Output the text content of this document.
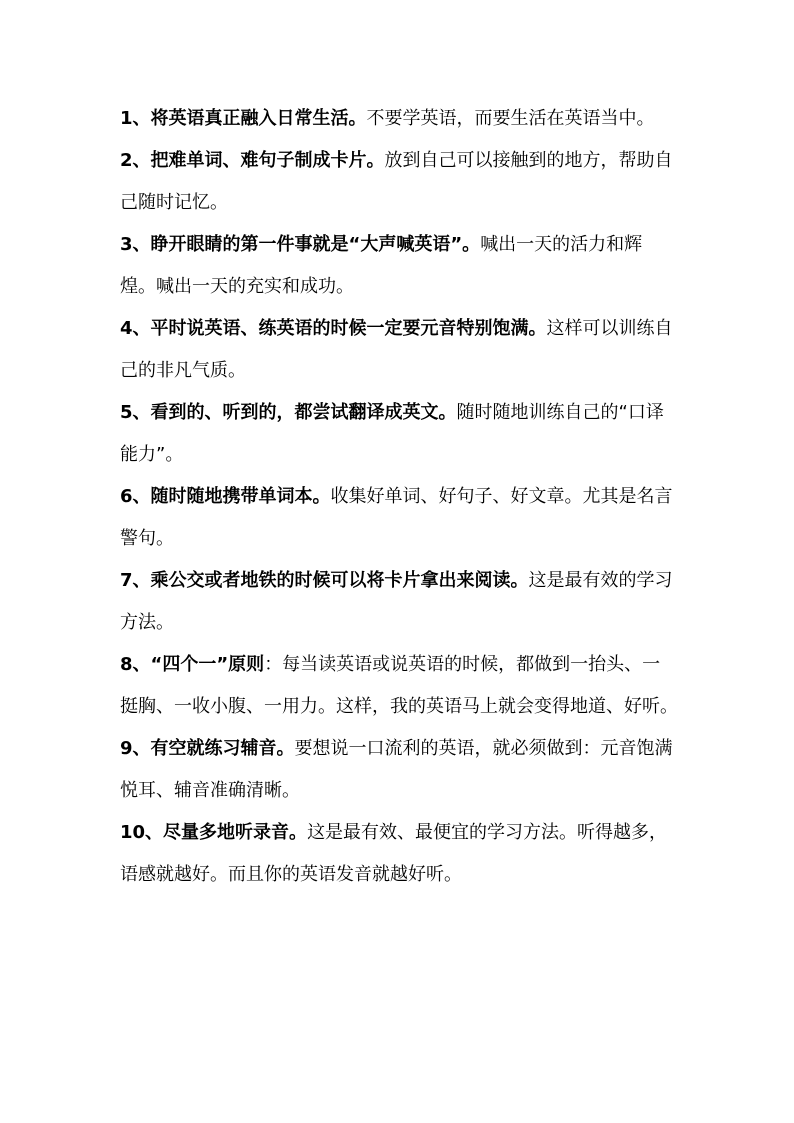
1、将英语真正融入日常生活。不要学英语，而要生活在英语当中。

2、把难单词、难句子制成卡片。放到自己可以接触到的地方，帮助自己随时记忆。

3、睁开眼睛的第一件事就是“大声喊英语”。喊出一天的活力和辉煌。喊出一天的充实和成功。

4、平时说英语、练英语的时候一定要元音特别饱满。这样可以训练自己的非凡气质。

5、看到的、听到的，都尝试翻译成英文。随时随地训练自己的“口译能力”。

6、随时随地携带单词本。收集好单词、好句子、好文章。尤其是名言警句。

7、乘公交或者地铁的时候可以将卡片拿出来阅读。这是最有效的学习方法。

8、“四个一”原则：每当读英语或说英语的时候，都做到一抬头、一挺胸、一收小腹、一用力。这样，我的英语马上就会变得地道、好听。

9、有空就练习辅音。要想说一口流利的英语，就必须做到：元音饱满悦耳、辅音准确清晰。

10、尽量多地听录音。这是最有效、最便宜的学习方法。听得越多，语感就越好。而且你的英语发音就越好听。
